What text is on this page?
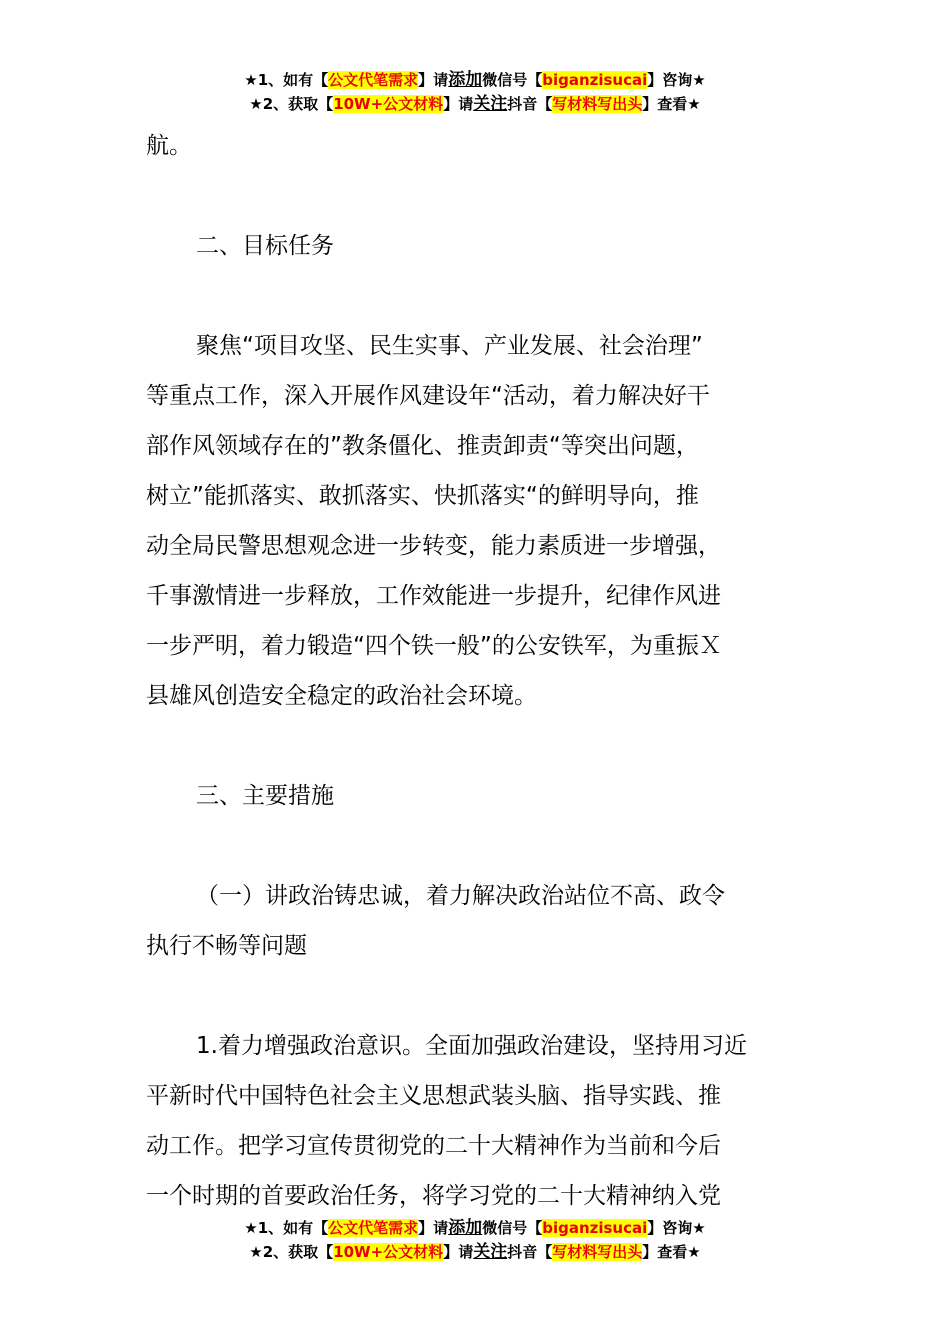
★1、如有【公文代笔需求】请添加微信号【biganzisucai】咨询★
★2、获取【10W+公文材料】请关注抖音【写材料写出头】查看★
航。
二、目标任务
聚焦“项目攻坚、民生实事、产业发展、社会治理”
等重点工作，深入开展作风建设年“活动，着力解决好干
部作风领域存在的”教条僵化、推责卸责“等突出问题，
树立”能抓落实、敢抓落实、快抓落实“的鲜明导向，推
动全局民警思想观念进一步转变，能力素质进一步增强，
千事激情进一步释放，工作效能进一步提升，纪律作风进
一步严明，着力锻造“四个铁一般”的公安铁军，为重振Ｘ
县雄风创造安全稳定的政治社会环境。
三、主要措施
（一）讲政治铸忠诚，着力解决政治站位不高、政令
执行不畅等问题
1.着力增强政治意识。全面加强政治建设，坚持用习近
平新时代中国特色社会主义思想武装头脑、指导实践、推
动工作。把学习宣传贯彻党的二十大精神作为当前和今后
一个时期的首要政治任务，将学习党的二十大精神纳入党
★1、如有【公文代笔需求】请添加微信号【biganzisucai】咨询★
★2、获取【10W+公文材料】请关注抖音【写材料写出头】查看★
